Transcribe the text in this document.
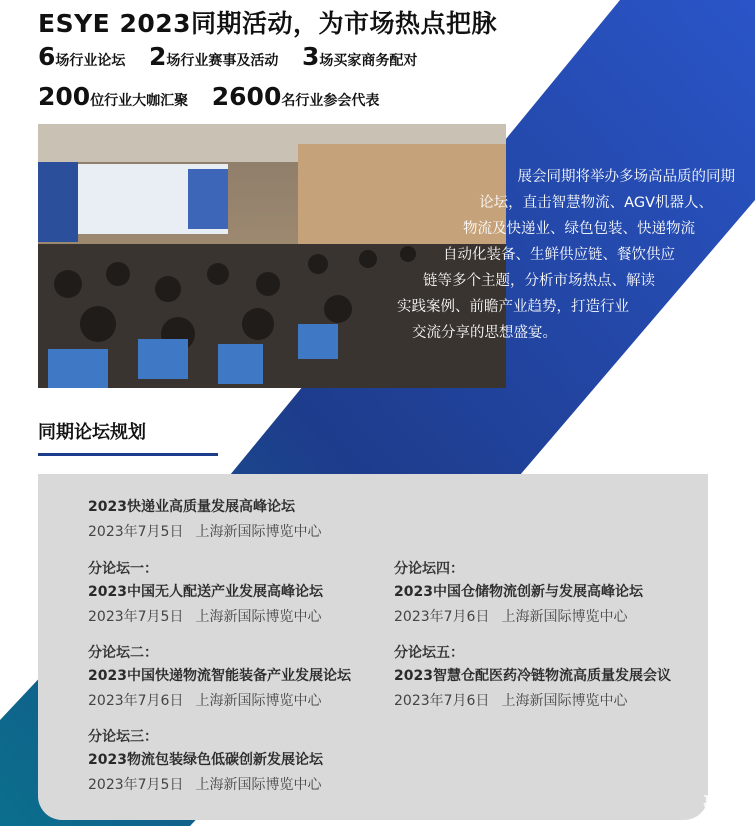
ESYE 2023同期活动，为市场热点把脉
6场行业论坛 2场行业赛事及活动 3场买家商务配对
200位行业大咖汇聚 2600名行业参会代表
展会同期将举办多场高品质的同期
论坛，直击智慧物流、AGV机器人、
物流及快递业、绿色包装、快递物流
自动化装备、生鲜供应链、餐饮供应
链等多个主题，分析市场热点、解读
实践案例、前瞻产业趋势，打造行业
交流分享的思想盛宴。
同期论坛规划
2023快递业高质量发展高峰论坛
2023年7月5日 上海新国际博览中心
分论坛一：
2023中国无人配送产业发展高峰论坛
2023年7月5日 上海新国际博览中心
分论坛二：
2023中国快递物流智能装备产业发展论坛
2023年7月6日 上海新国际博览中心
分论坛三：
2023物流包装绿色低碳创新发展论坛
2023年7月5日 上海新国际博览中心
分论坛四：
2023中国仓储物流创新与发展高峰论坛
2023年7月6日 上海新国际博览中心
分论坛五：
2023智慧仓配医药冷链物流高质量发展会议
2023年7月6日 上海新国际博览中心
聚展
